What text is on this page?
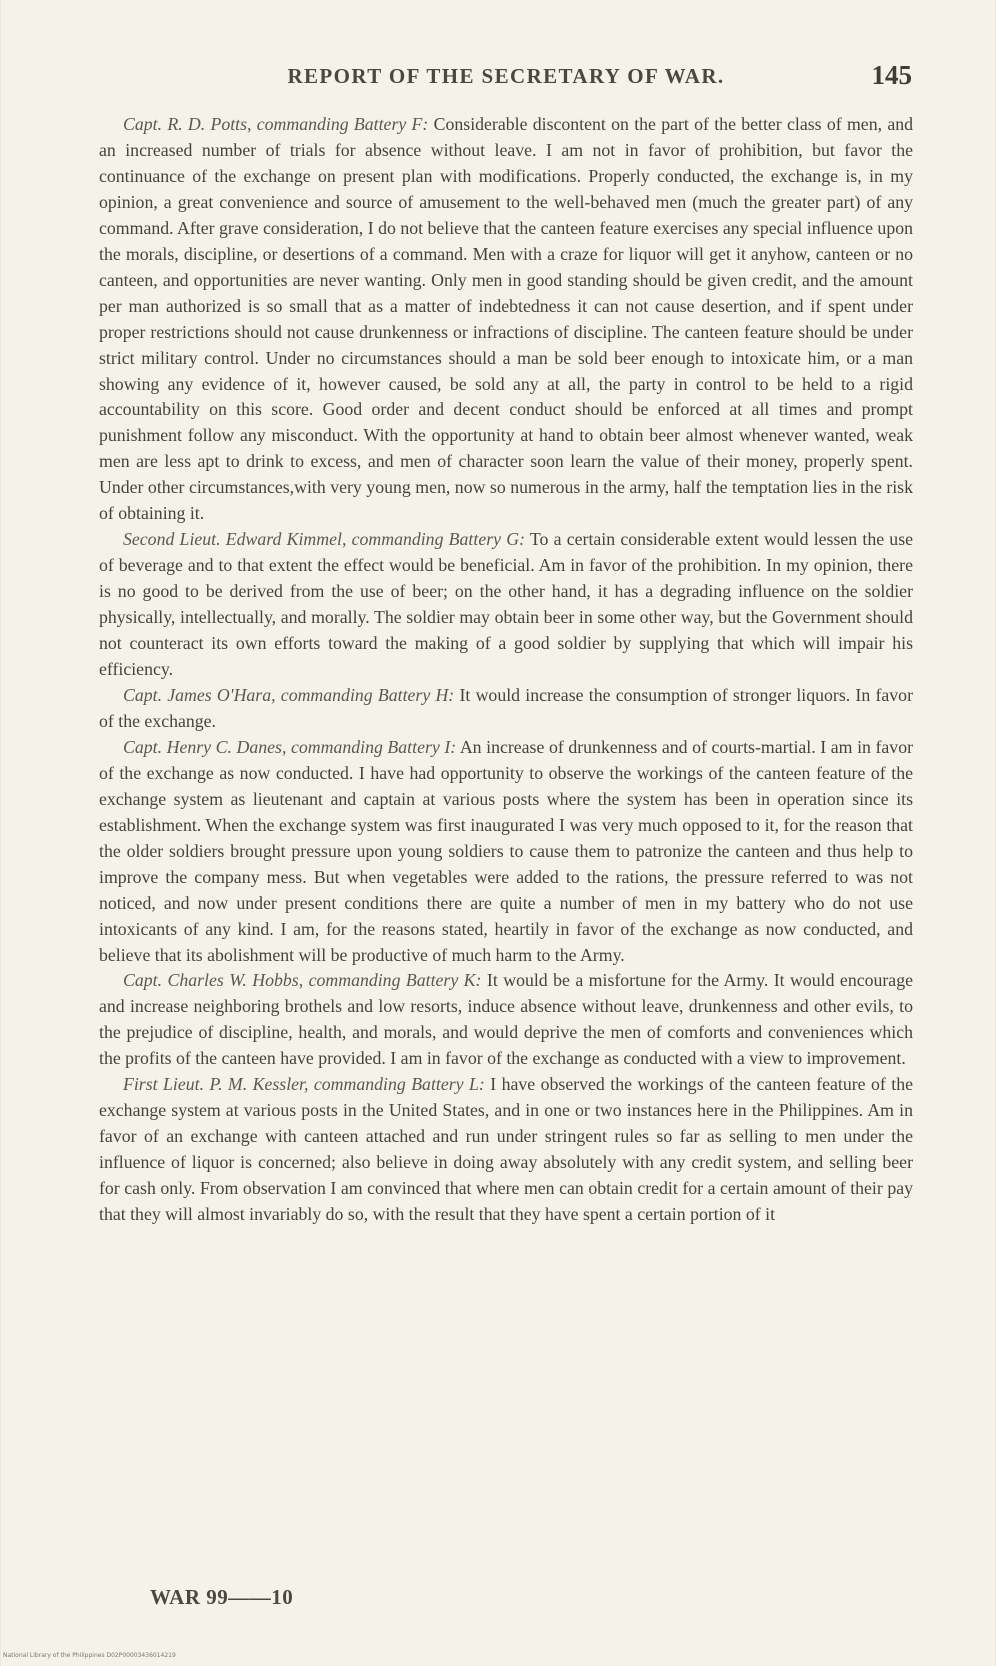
REPORT OF THE SECRETARY OF WAR.	145

Capt. R. D. Potts, commanding Battery F: Considerable discontent on the part of the better class of men, and an increased number of trials for absence without leave. I am not in favor of prohibition, but favor the continuance of the exchange on present plan with modifications. Properly conducted, the exchange is, in my opinion, a great convenience and source of amusement to the well-behaved men (much the greater part) of any command. After grave consideration, I do not believe that the canteen feature exercises any special influence upon the morals, discipline, or desertions of a command. Men with a craze for liquor will get it anyhow, canteen or no canteen, and opportunities are never wanting. Only men in good standing should be given credit, and the amount per man authorized is so small that as a matter of indebtedness it can not cause desertion, and if spent under proper restrictions should not cause drunkenness or infractions of discipline. The canteen feature should be under strict military control. Under no circumstances should a man be sold beer enough to intoxicate him, or a man showing any evidence of it, however caused, be sold any at all, the party in control to be held to a rigid accountability on this score. Good order and decent conduct should be enforced at all times and prompt punishment follow any misconduct. With the opportunity at hand to obtain beer almost whenever wanted, weak men are less apt to drink to excess, and men of character soon learn the value of their money, properly spent. Under other circumstances,with very young men, now so numerous in the army, half the temptation lies in the risk of obtaining it.

Second Lieut. Edward Kimmel, commanding Battery G: To a certain considerable extent would lessen the use of beverage and to that extent the effect would be beneficial. Am in favor of the prohibition. In my opinion, there is no good to be derived from the use of beer; on the other hand, it has a degrading influence on the soldier physically, intellectually, and morally. The soldier may obtain beer in some other way, but the Government should not counteract its own efforts toward the making of a good soldier by supplying that which will impair his efficiency.

Capt. James O'Hara, commanding Battery H: It would increase the consumption of stronger liquors. In favor of the exchange.

Capt. Henry C. Danes, commanding Battery I: An increase of drunkenness and of courts-martial. I am in favor of the exchange as now conducted. I have had opportunity to observe the workings of the canteen feature of the exchange system as lieutenant and captain at various posts where the system has been in operation since its establishment. When the exchange system was first inaugurated I was very much opposed to it, for the reason that the older soldiers brought pressure upon young soldiers to cause them to patronize the canteen and thus help to improve the company mess. But when vegetables were added to the rations, the pressure referred to was not noticed, and now under present conditions there are quite a number of men in my battery who do not use intoxicants of any kind. I am, for the reasons stated, heartily in favor of the exchange as now conducted, and believe that its abolishment will be productive of much harm to the Army.

Capt. Charles W. Hobbs, commanding Battery K: It would be a misfortune for the Army. It would encourage and increase neighboring brothels and low resorts, induce absence without leave, drunkenness and other evils, to the prejudice of discipline, health, and morals, and would deprive the men of comforts and conveniences which the profits of the canteen have provided. I am in favor of the exchange as conducted with a view to improvement.

First Lieut. P. M. Kessler, commanding Battery L: I have observed the workings of the canteen feature of the exchange system at various posts in the United States, and in one or two instances here in the Philippines. Am in favor of an exchange with canteen attached and run under stringent rules so far as selling to men under the influence of liquor is concerned; also believe in doing away absolutely with any credit system, and selling beer for cash only. From observation I am convinced that where men can obtain credit for a certain amount of their pay that they will almost invariably do so, with the result that they have spent a certain portion of it

WAR 99——10
National Library of the Philippines D02P00003436014219
